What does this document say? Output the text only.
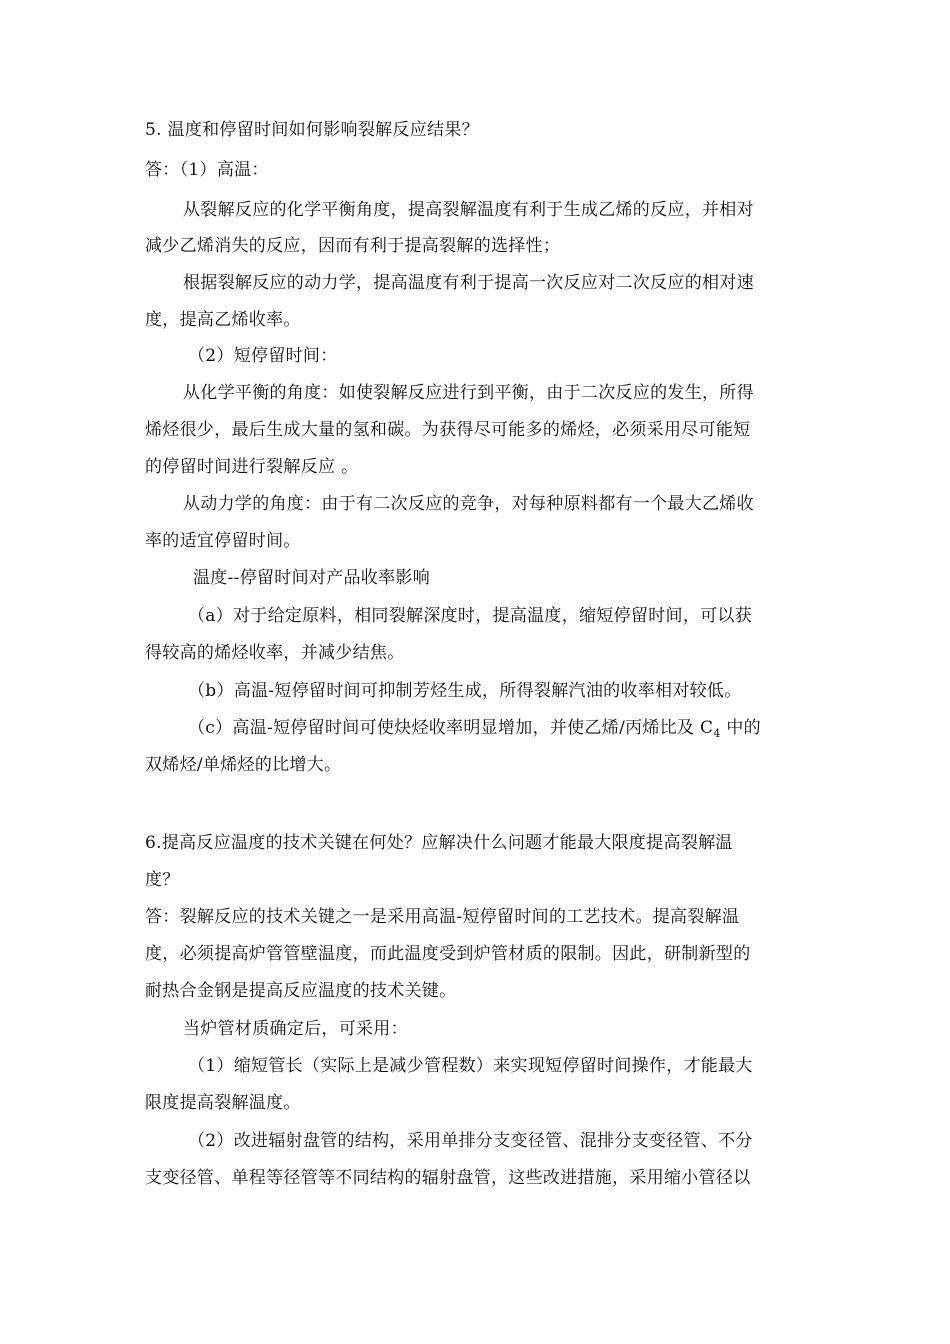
5. 温度和停留时间如何影响裂解反应结果？
答：（1）高温：
从裂解反应的化学平衡角度，提高裂解温度有利于生成乙烯的反应，并相对
减少乙烯消失的反应，因而有利于提高裂解的选择性；
根据裂解反应的动力学，提高温度有利于提高一次反应对二次反应的相对速
度，提高乙烯收率。
（2）短停留时间：
从化学平衡的角度：如使裂解反应进行到平衡，由于二次反应的发生，所得
烯烃很少，最后生成大量的氢和碳。为获得尽可能多的烯烃，必须采用尽可能短
的停留时间进行裂解反应 。
从动力学的角度：由于有二次反应的竞争，对每种原料都有一个最大乙烯收
率的适宜停留时间。
温度--停留时间对产品收率影响
（a）对于给定原料，相同裂解深度时，提高温度，缩短停留时间，可以获
得较高的烯烃收率，并减少结焦。
（b）高温-短停留时间可抑制芳烃生成，所得裂解汽油的收率相对较低。
（c）高温-短停留时间可使炔烃收率明显增加，并使乙烯/丙烯比及 $C_4$ 中的
双烯烃/单烯烃的比增大。
6.提高反应温度的技术关键在何处？应解决什么问题才能最大限度提高裂解温
度？
答：裂解反应的技术关键之一是采用高温-短停留时间的工艺技术。提高裂解温
度，必须提高炉管管壁温度，而此温度受到炉管材质的限制。因此，研制新型的
耐热合金钢是提高反应温度的技术关键。
当炉管材质确定后，可采用：
（1）缩短管长（实际上是减少管程数）来实现短停留时间操作，才能最大
限度提高裂解温度。
（2）改进辐射盘管的结构，采用单排分支变径管、混排分支变径管、不分
支变径管、单程等径管等不同结构的辐射盘管，这些改进措施，采用缩小管径以
